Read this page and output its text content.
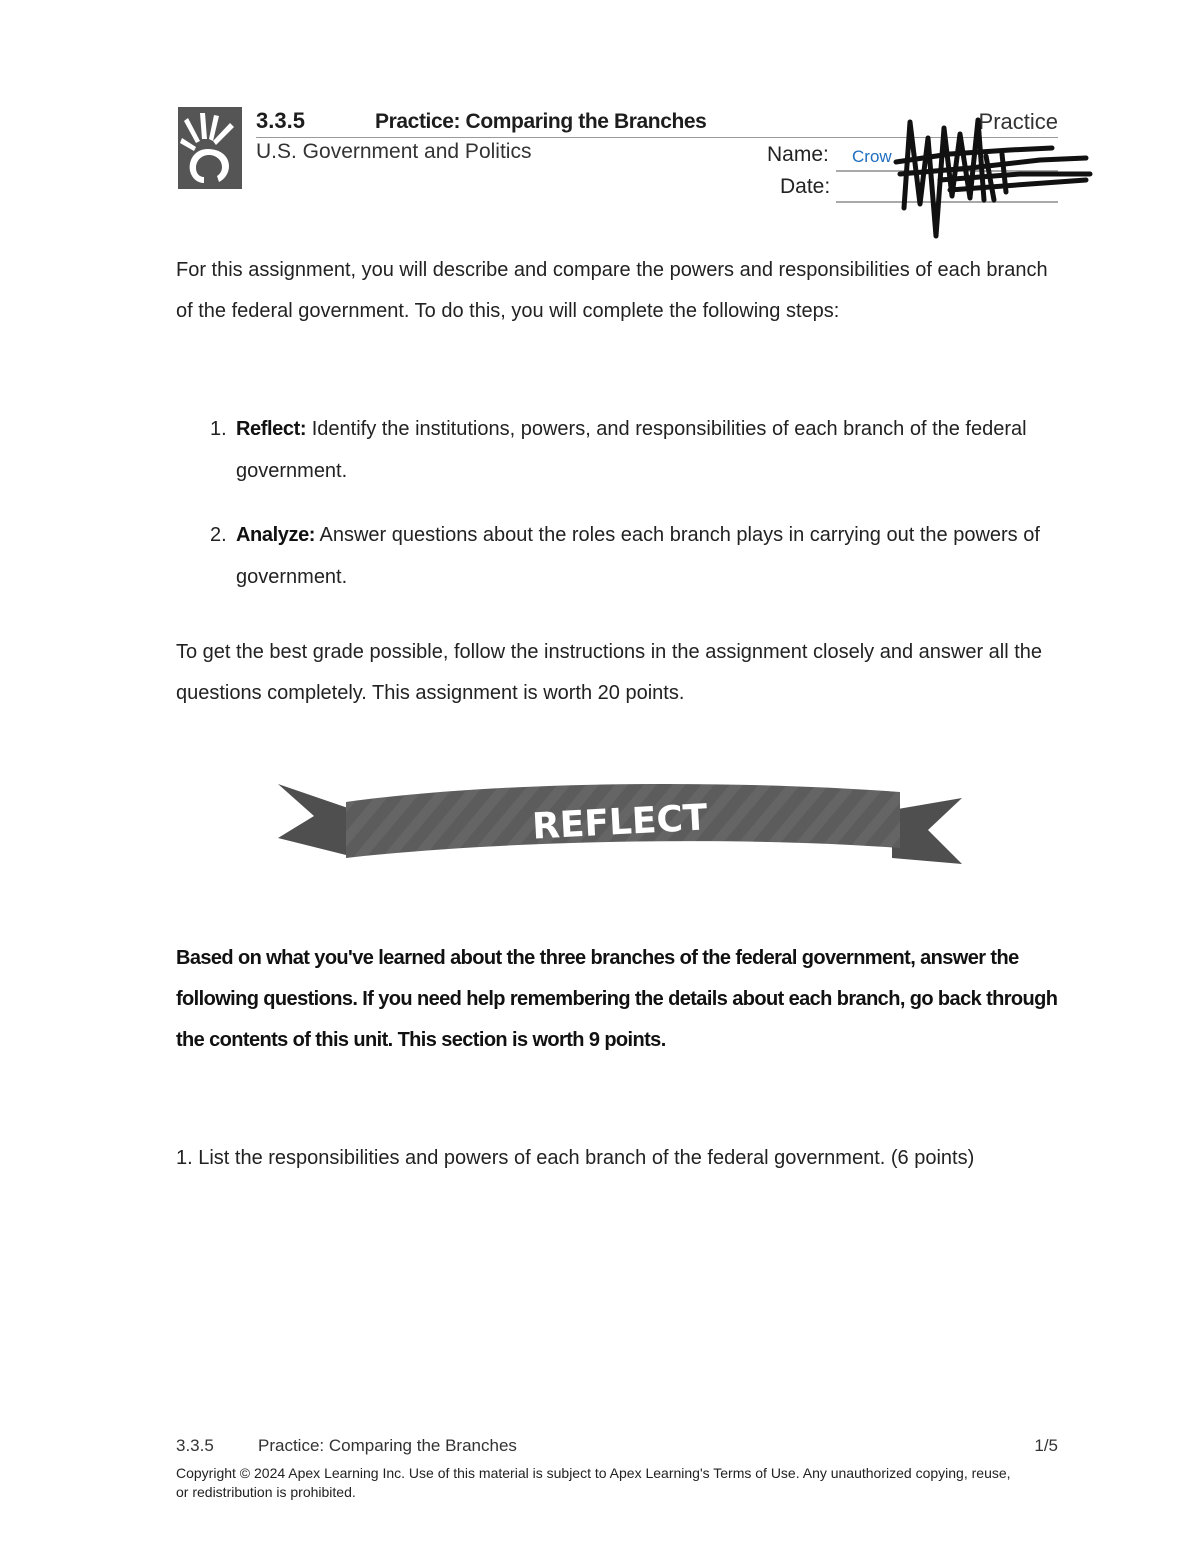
3.3.5	Practice: Comparing the Branches	Practice
U.S. Government and Politics	Name: Crow
Date:
For this assignment, you will describe and compare the powers and responsibilities of each branch of the federal government. To do this, you will complete the following steps:
1. Reflect: Identify the institutions, powers, and responsibilities of each branch of the federal government.
2. Analyze: Answer questions about the roles each branch plays in carrying out the powers of government.
To get the best grade possible, follow the instructions in the assignment closely and answer all the questions completely. This assignment is worth 20 points.
REFLECT
Based on what you've learned about the three branches of the federal government, answer the following questions. If you need help remembering the details about each branch, go back through the contents of this unit. This section is worth 9 points.
1. List the responsibilities and powers of each branch of the federal government. (6 points)
3.3.5	Practice: Comparing the Branches	1/5
Copyright © 2024 Apex Learning Inc. Use of this material is subject to Apex Learning's Terms of Use. Any unauthorized copying, reuse, or redistribution is prohibited.
